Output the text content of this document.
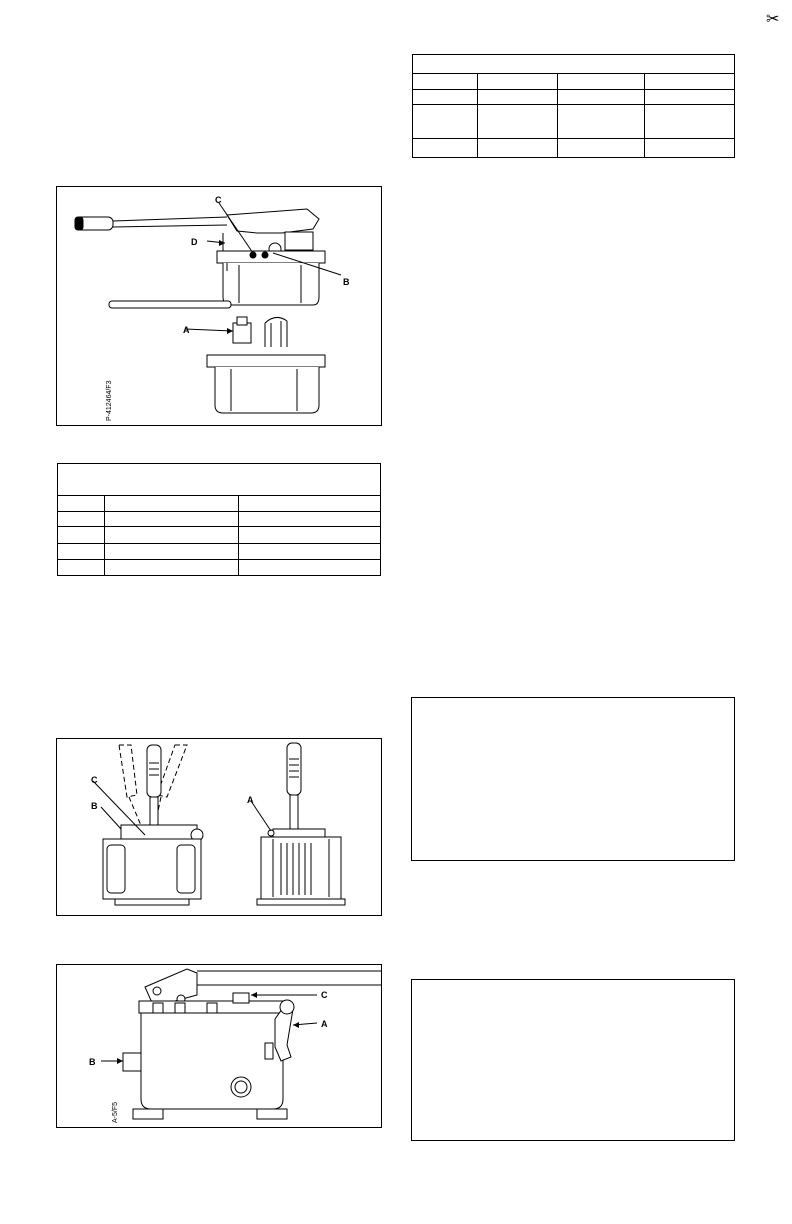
✂
C
D
B
A
P-412464/F3
C
B
A
C
A
B
A-5/F5
